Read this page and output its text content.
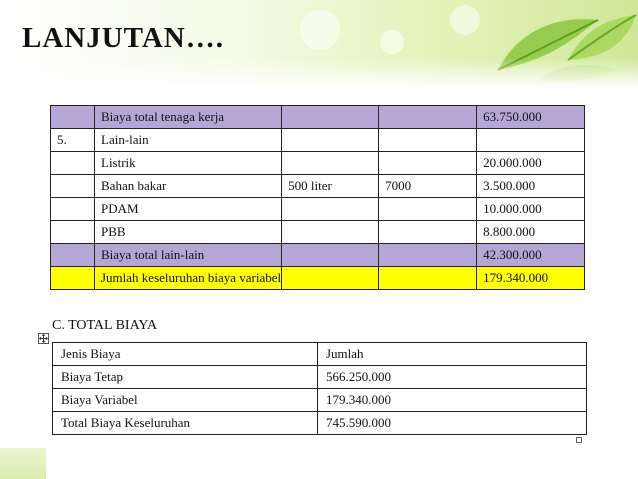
LANJUTAN….
	Biaya total tenaga kerja			63.750.000
5.	Lain-lain			
	Listrik			20.000.000
	Bahan bakar	500 liter	7000	3.500.000
	PDAM			10.000.000
	PBB			8.800.000
	Biaya total lain-lain			42.300.000
	Jumlah keseluruhan biaya variabel			179.340.000
C. TOTAL BIAYA
Jenis Biaya	Jumlah
Biaya Tetap	566.250.000
Biaya Variabel	179.340.000
Total Biaya Keseluruhan	745.590.000
